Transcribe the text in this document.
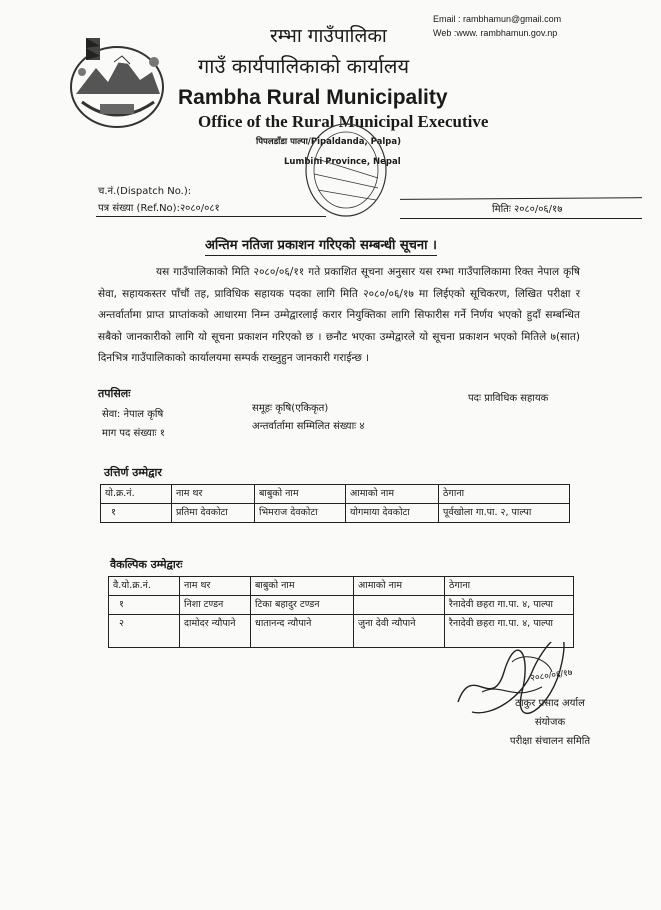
Email : rambhamun@gmail.com
Web :www. rambhamun.gov.np
रम्भा गाउँपालिका
गाउँ कार्यपालिकाको कार्यालय
Rambha Rural Municipality
Office of the Rural Municipal Executive
पिपलडाँडा पाल्पा/Pipaldanda, Palpa)
Lumbini Province, Nepal
च.नं.(Dispatch No.):
पत्र संख्या (Ref.No):२०८०/०८१	मितिः २०८०/०६/१७
अन्तिम नतिजा प्रकाशन गरिएको सम्बन्धी सूचना ।
यस गाउँपालिकाको मिति २०८०/०६/११ गते प्रकाशित सूचना अनुसार यस रम्भा गाउँपालिकामा रिक्त नेपाल कृषि सेवा, सहायकस्तर पाँचौं तह, प्राविधिक सहायक पदका लागि मिति २०८०/०६/१७ मा लिईएको सूचिकरण, लिखित परीक्षा र अन्तर्वार्तामा प्राप्त प्राप्तांकको आधारमा निम्न उम्मेद्वारलाई करार नियुक्तिका लागि सिफारीस गर्ने निर्णय भएको हुदाँ सम्बन्धित सबैको जानकारीको लागि यो सूचना प्रकाशन गरिएको छ । छनौट भएका उम्मेद्वारले यो सूचना प्रकाशन भएको मितिले ७(सात) दिनभित्र गाउँपालिकाको कार्यालयमा सम्पर्क राख्नुहुन जानकारी गराईन्छ ।
तपसिलः
सेवा: नेपाल कृषि
समूहः कृषि(एकिकृत)
पदः प्राविधिक सहायक
माग पद संख्याः १
अन्तर्वार्तामा सम्मिलित संख्याः ४
उत्तिर्ण उम्मेद्वार
यो.क्र.नं.	नाम थर	बाबुको नाम	आमाको नाम	ठेगाना
१	प्रतिमा देवकोटा	भिमराज देवकोटा	योगमाया देवकोटा	पूर्वखोला गा.पा. २, पाल्पा
वैकल्पिक उम्मेद्वारः
वै.यो.क्र.नं.	नाम थर	बाबुको नाम	आमाको नाम	ठेगाना
१	निशा टण्डन	टिका बहादुर टण्डन		रैनादेवी छहरा गा.पा. ४, पाल्पा
२	दामोदर न्यौपाने	धातानन्द न्यौपाने	जुना देवी न्यौपाने	रैनादेवी छहरा गा.पा. ४, पाल्पा
२०८०/०६/१७
ठाकुर प्रसाद अर्याल
संयोजक
परीक्षा संचालन समिति
